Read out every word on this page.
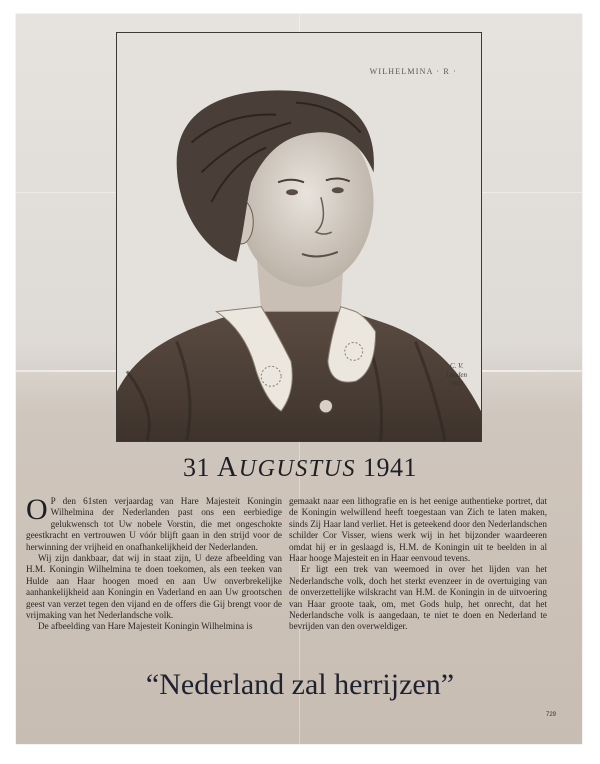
WILHELMINA · R ·
C. V.
Londen
1941
31 AUGUSTUS 1941

O P den 61sten verjaardag van Hare Majesteit Koningin Wilhelmina der Nederlanden past ons een eerbiedige gelukwensch tot Uw nobele Vorstin, die met ongeschokte geestkracht en vertrouwen U vóór blijft gaan in den strijd voor de herwinning der vrijheid en onafhankelijkheid der Nederlanden.

Wij zijn dankbaar, dat wij in staat zijn, U deze afbeelding van H.M. Koningin Wilhelmina te doen toekomen, als een teeken van Hulde aan Haar hoogen moed en aan Uw onverbrekelijke aanhankelijkheid aan Koningin en Vaderland en aan Uw grootschen geest van verzet tegen den vijand en de offers die Gij brengt voor de vrijmaking van het Nederlandsche volk.

De afbeelding van Hare Majesteit Koningin Wilhelmina is

gemaakt naar een lithografie en is het eenige authentieke portret, dat de Koningin welwillend heeft toegestaan van Zich te laten maken, sinds Zij Haar land verliet. Het is geteekend door den Nederlandschen schilder Cor Visser, wiens werk wij in het bijzonder waardeeren omdat hij er in geslaagd is, H.M. de Koningin uit te beelden in al Haar hooge Majesteit en in Haar eenvoud tevens.

Er ligt een trek van weemoed in over het lijden van het Nederlandsche volk, doch het sterkt evenzeer in de overtuiging van de onverzettelijke wilskracht van H.M. de Koningin in de uitvoering van Haar groote taak, om, met Gods hulp, het onrecht, dat het Nederlandsche volk is aangedaan, te niet te doen en Nederland te bevrijden van den overweldiger.

“Nederland zal herrijzen”
729
